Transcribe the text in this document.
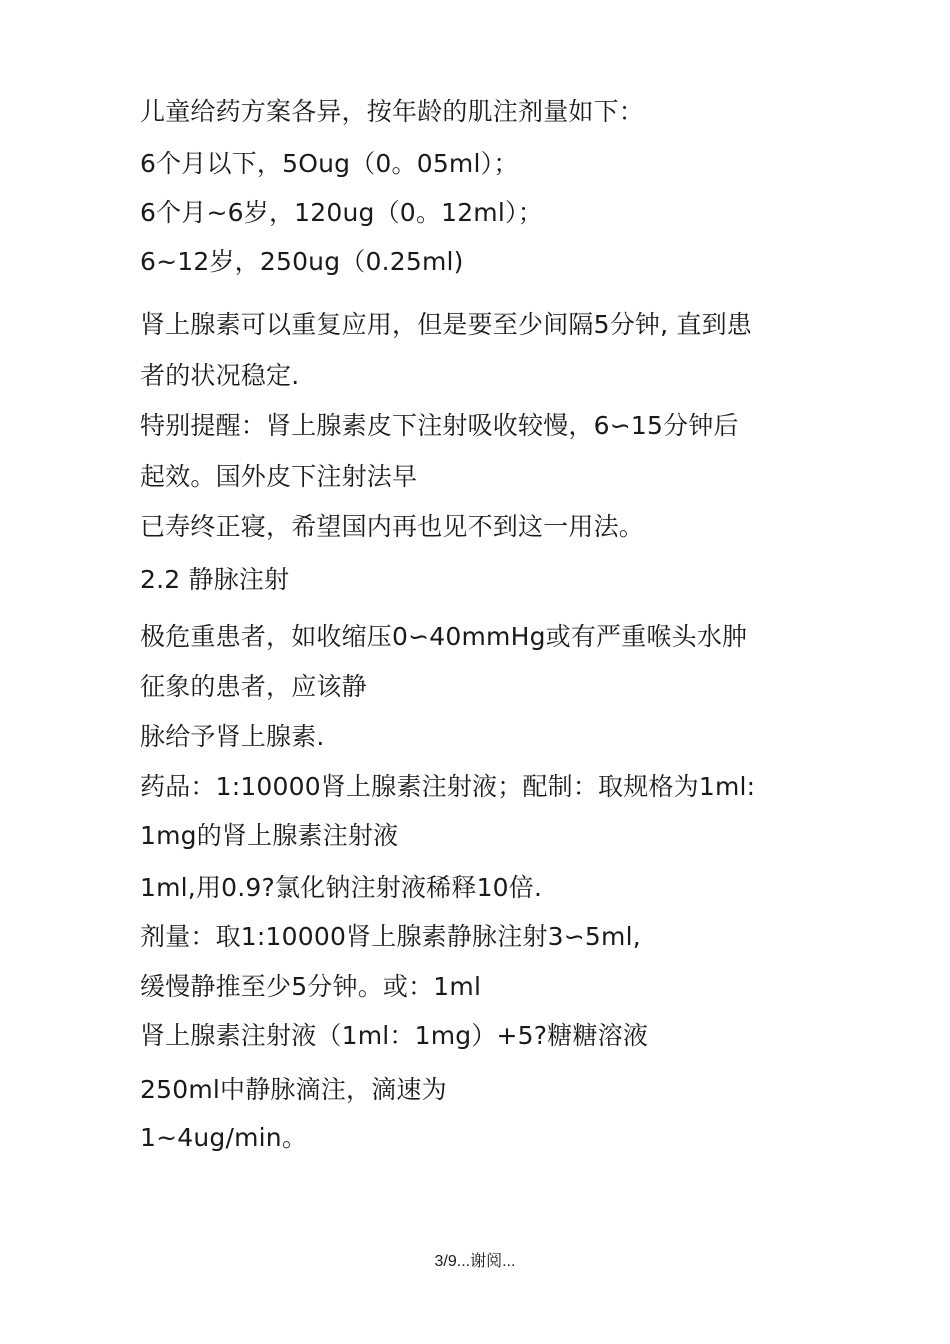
儿童给药方案各异，按年龄的肌注剂量如下：
6个月以下，5Oug（0。05ml）；
6个月~6岁，120ug（0。12ml）；
6~12岁，250ug（0.25ml)
肾上腺素可以重复应用，但是要至少间隔5分钟, 直到患
者的状况稳定.
特别提醒：肾上腺素皮下注射吸收较慢，6∽15分钟后
起效。国外皮下注射法早
已寿终正寝，希望国内再也见不到这一用法。
2.2 静脉注射
极危重患者，如收缩压0∽40mmHg或有严重喉头水肿
征象的患者，应该静
脉给予肾上腺素.
药品：1:10000肾上腺素注射液；配制：取规格为1ml:
1mg的肾上腺素注射液
1ml,用0.9?氯化钠注射液稀释10倍.
剂量：取1:10000肾上腺素静脉注射3∽5ml,
缓慢静推至少5分钟。或：1ml
肾上腺素注射液（1ml：1mg）+5?糖糖溶液
250ml中静脉滴注，滴速为
1~4ug/min。
3/9...谢阅...
